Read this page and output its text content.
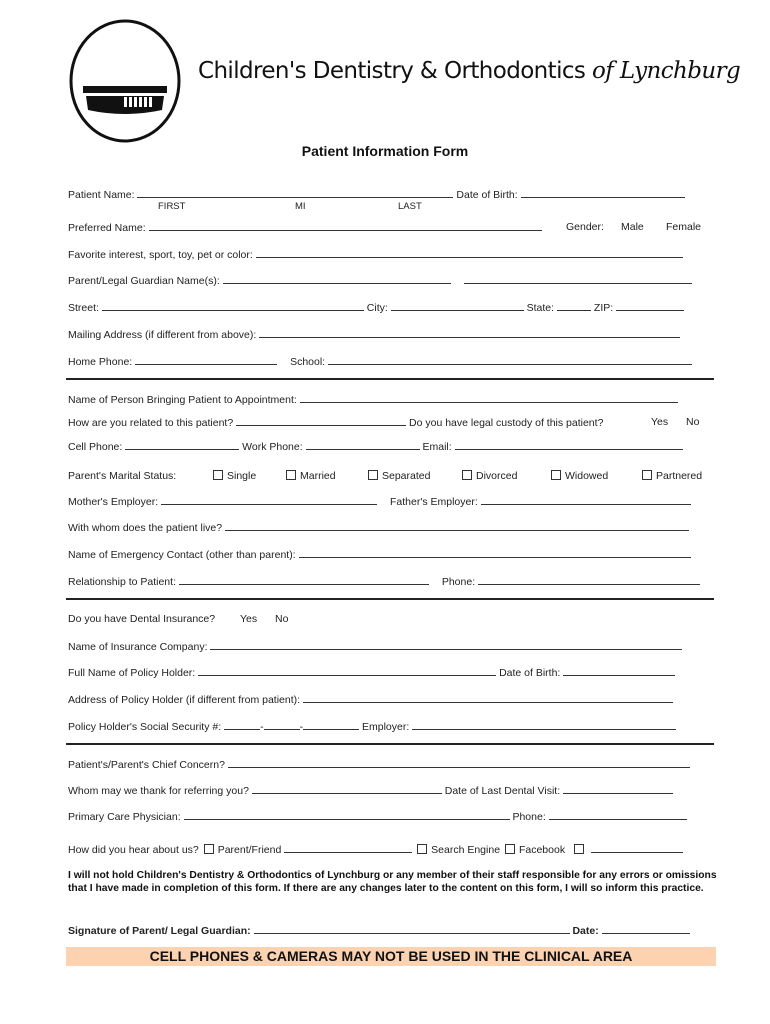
Children's Dentistry & Orthodontics of Lynchburg
Patient Information Form
Patient Name:	Date of Birth:
FIRST	MI	LAST
Preferred Name:	Gender: Male Female
Favorite interest, sport, toy, pet or color:
Parent/Legal Guardian Name(s):
Street:	City:	State:	ZIP:
Mailing Address (if different from above):
Home Phone:	School:
Name of Person Bringing Patient to Appointment:
How are you related to this patient?	Do you have legal custody of this patient?	Yes No
Cell Phone:	Work Phone:	Email:
Parent's Marital Status:	Single	Married	Separated	Divorced	Widowed	Partnered
Mother's Employer:	Father's Employer:
With whom does the patient live?
Name of Emergency Contact (other than parent):
Relationship to Patient:	Phone:
Do you have Dental Insurance? Yes No
Name of Insurance Company:
Full Name of Policy Holder:	Date of Birth:
Address of Policy Holder (if different from patient):
Policy Holder's Social Security #:	-	-	Employer:
Patient's/Parent's Chief Concern?
Whom may we thank for referring you?	Date of Last Dental Visit:
Primary Care Physician:	Phone:
How did you hear about us? Parent/Friend	Search Engine Facebook
I will not hold Children's Dentistry & Orthodontics of Lynchburg or any member of their staff responsible for any errors or omissions that I have made in completion of this form. If there are any changes later to the content on this form, I will so inform this practice.
Signature of Parent/ Legal Guardian:	Date:
CELL PHONES & CAMERAS MAY NOT BE USED IN THE CLINICAL AREA
